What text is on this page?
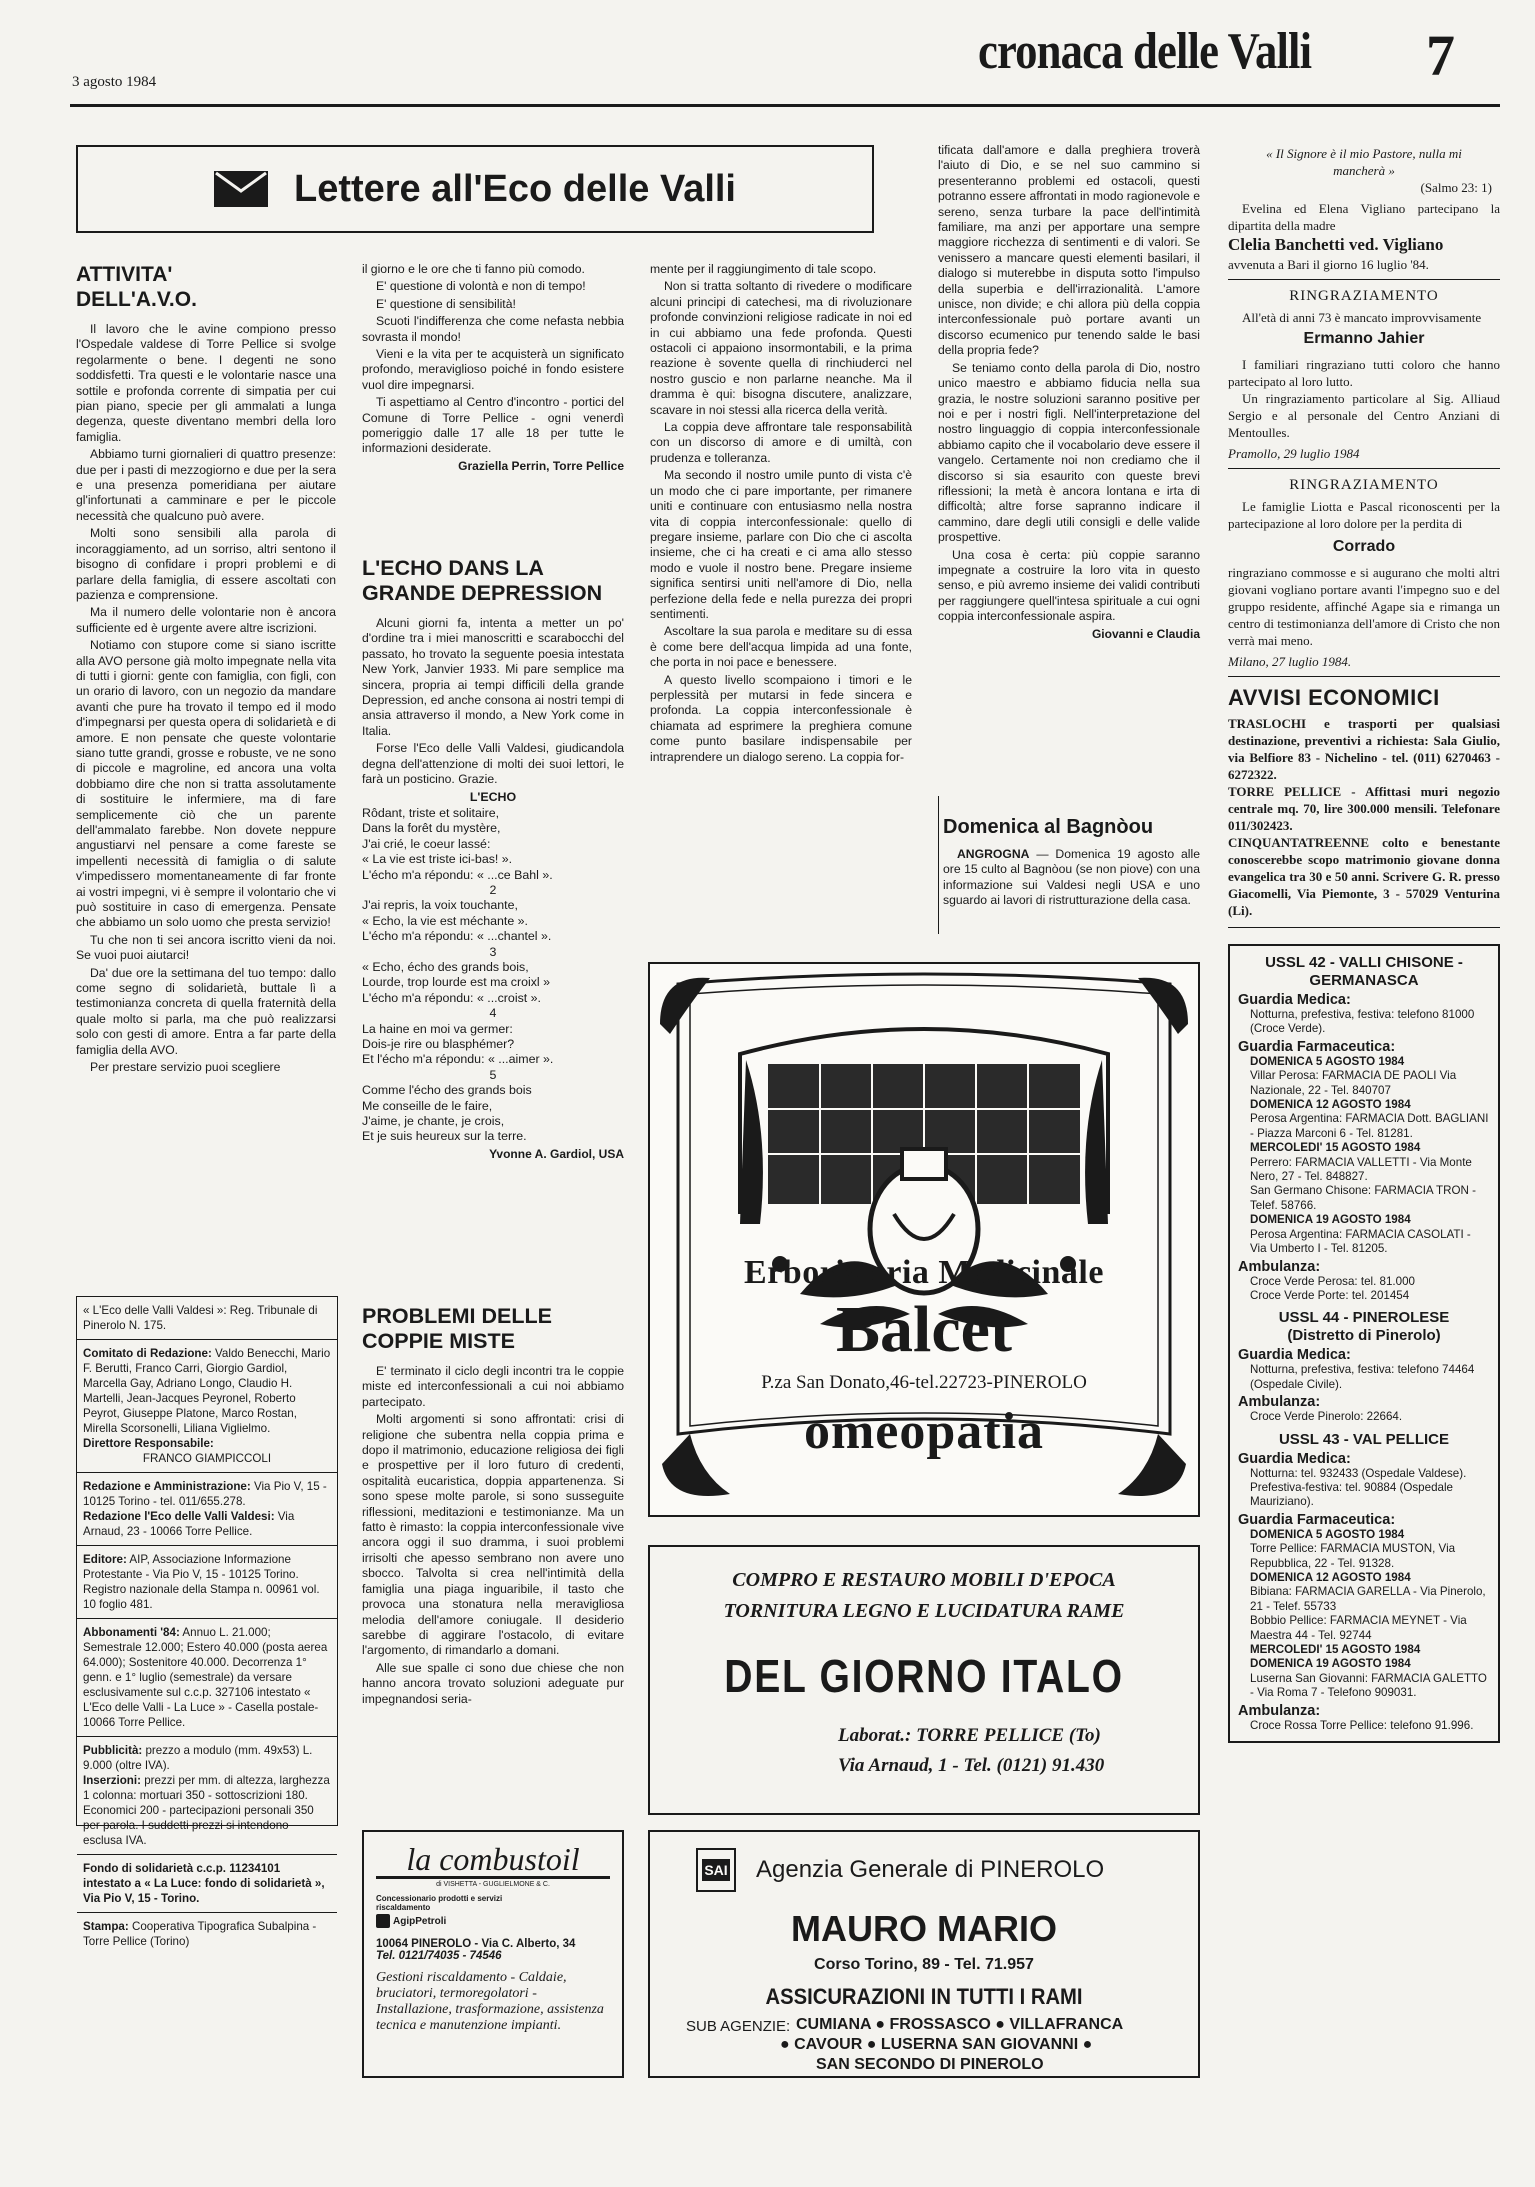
3 agosto 1984
cronaca delle Valli 7
Lettere all'Eco delle Valli
ATTIVITA'
DELL'A.V.O.

Il lavoro che le avine compiono presso l'Ospedale valdese di Torre Pellice si svolge regolarmente o bene. I degenti ne sono soddisfetti. Tra questi e le volontarie nasce una sottile e profonda corrente di simpatia per cui pian piano, specie per gli ammalati a lunga degenza, queste diventano membri della loro famiglia.

Abbiamo turni giornalieri di quattro presenze: due per i pasti di mezzogiorno e due per la sera e una presenza pomeridiana per aiutare gl'infortunati a camminare e per le piccole necessità che qualcuno può avere.

Molti sono sensibili alla parola di incoraggiamento, ad un sorriso, altri sentono il bisogno di confidare i propri problemi e di parlare della famiglia, di essere ascoltati con pazienza e comprensione.

Ma il numero delle volontarie non è ancora sufficiente ed è urgente avere altre iscrizioni.

Notiamo con stupore come si siano iscritte alla AVO persone già molto impegnate nella vita di tutti i giorni: gente con famiglia, con figli, con un orario di lavoro, con un negozio da mandare avanti che pure ha trovato il tempo ed il modo d'impegnarsi per questa opera di solidarietà e di amore. E non pensate che queste volontarie siano tutte grandi, grosse e robuste, ve ne sono di piccole e magroline, ed ancora una volta dobbiamo dire che non si tratta assolutamente di sostituire le infermiere, ma di fare semplicemente ciò che un parente dell'ammalato farebbe. Non dovete neppure angustiarvi nel pensare a come fareste se impellenti necessità di famiglia o di salute v'impedissero momentaneamente di far fronte ai vostri impegni, vi è sempre il volontario che vi può sostituire in caso di emergenza. Pensate che abbiamo un solo uomo che presta servizio!

Tu che non ti sei ancora iscritto vieni da noi. Se vuoi puoi aiutarci!

Da' due ore la settimana del tuo tempo: dallo come segno di solidarietà, buttale lì a testimonianza concreta di quella fraternità della quale molto si parla, ma che può realizzarsi solo con gesti di amore. Entra a far parte della famiglia della AVO.

Per prestare servizio puoi scegliere

« L'Eco delle Valli Valdesi »: Reg. Tribunale di Pinerolo N. 175.

Comitato di Redazione: Valdo Benecchi, Mario F. Berutti, Franco Carri, Giorgio Gardiol, Marcella Gay, Adriano Longo, Claudio H. Martelli, Jean-Jacques Peyronel, Roberto Peyrot, Giuseppe Platone, Marco Rostan, Mirella Scorsonelli, Liliana Viglielmo.

Direttore Responsabile:

FRANCO GIAMPICCOLI

Redazione e Amministrazione: Via Pio V, 15 - 10125 Torino - tel. 011/655.278.

Redazione l'Eco delle Valli Valdesi: Via Arnaud, 23 - 10066 Torre Pellice.

Editore: AIP, Associazione Informazione Protestante - Via Pio V, 15 - 10125 Torino.

Registro nazionale della Stampa n. 00961 vol. 10 foglio 481.

Abbonamenti '84: Annuo L. 21.000; Semestrale 12.000; Estero 40.000 (posta aerea 64.000); Sostenitore 40.000. Decorrenza 1° genn. e 1° luglio (semestrale) da versare esclusivamente sul c.c.p. 327106 intestato « L'Eco delle Valli - La Luce » - Casella postale- 10066 Torre Pellice.

Pubblicità: prezzo a modulo (mm. 49x53) L. 9.000 (oltre IVA).

Inserzioni: prezzi per mm. di altezza, larghezza 1 colonna: mortuari 350 - sottoscrizioni 180.

Economici 200 - partecipazioni personali 350 per parola. I suddetti prezzi si intendono esclusa IVA.

Fondo di solidarietà c.c.p. 11234101 intestato a « La Luce: fondo di solidarietà », Via Pio V, 15 - Torino.

Stampa: Cooperativa Tipografica Subalpina - Torre Pellice (Torino)

il giorno e le ore che ti fanno più comodo.

E' questione di volontà e non di tempo!

E' questione di sensibilità!

Scuoti l'indifferenza che come nefasta nebbia sovrasta il mondo!

Vieni e la vita per te acquisterà un significato profondo, meraviglioso poiché in fondo esistere vuol dire impegnarsi.

Ti aspettiamo al Centro d'incontro - portici del Comune di Torre Pellice - ogni venerdì pomeriggio dalle 17 alle 18 per tutte le informazioni desiderate.

Graziella Perrin, Torre Pellice
L'ECHO DANS LA GRANDE DEPRESSION

Alcuni giorni fa, intenta a metter un po' d'ordine tra i miei manoscritti e scarabocchi del passato, ho trovato la seguente poesia intestata New York, Janvier 1933. Mi pare semplice ma sincera, propria ai tempi difficili della grande Depression, ed anche consona ai nostri tempi di ansia attraverso il mondo, a New York come in Italia.

Forse l'Eco delle Valli Valdesi, giudicandola degna dell'attenzione di molti dei suoi lettori, le farà un posticino. Grazie.

L'ECHO
Rôdant, triste et solitaire,
Dans la forêt du mystère,
J'ai crié, le coeur lassé:
« La vie est triste ici-bas! ».
L'écho m'a répondu: « ...ce Bahl ».
2
J'ai repris, la voix touchante,
« Echo, la vie est méchante ».
L'écho m'a répondu: « ...chantel ».
3
« Echo, écho des grands bois,
Lourde, trop lourde est ma croixl »
L'écho m'a répondu: « ...croist ».
4
La haine en moi va germer:
Dois-je rire ou blasphémer?
Et l'écho m'a répondu: « ...aimer ».
5
Comme l'écho des grands bois
Me conseille de le faire,
J'aime, je chante, je crois,
Et je suis heureux sur la terre.
Yvonne A. Gardiol, USA
PROBLEMI DELLE COPPIE MISTE

E' terminato il ciclo degli incontri tra le coppie miste ed interconfessionali a cui noi abbiamo partecipato.

Molti argomenti si sono affrontati: crisi di religione che subentra nella coppia prima e dopo il matrimonio, educazione religiosa dei figli e prospettive per il loro futuro di credenti, ospitalità eucaristica, doppia appartenenza. Si sono spese molte parole, si sono susseguite riflessioni, meditazioni e testimonianze. Ma un fatto è rimasto: la coppia interconfessionale vive ancora oggi il suo dramma, i suoi problemi irrisolti che apesso sembrano non avere uno sbocco. Talvolta si crea nell'intimità della famiglia una piaga inguaribile, il tasto che provoca una stonatura nella meravigliosa melodia dell'amore coniugale. Il desiderio sarebbe di aggirare l'ostacolo, di evitare l'argomento, di rimandarlo a domani.

Alle sue spalle ci sono due chiese che non hanno ancora trovato soluzioni adeguate pur impegnandosi seria-

mente per il raggiungimento di tale scopo.

Non si tratta soltanto di rivedere o modificare alcuni principi di catechesi, ma di rivoluzionare profonde convinzioni religiose radicate in noi ed in cui abbiamo una fede profonda. Questi ostacoli ci appaiono insormontabili, e la prima reazione è sovente quella di rinchiuderci nel nostro guscio e non parlarne neanche. Ma il dramma è qui: bisogna discutere, analizzare, scavare in noi stessi alla ricerca della verità.

La coppia deve affrontare tale responsabilità con un discorso di amore e di umiltà, con prudenza e tolleranza.

Ma secondo il nostro umile punto di vista c'è un modo che ci pare importante, per rimanere uniti e continuare con entusiasmo nella nostra vita di coppia interconfessionale: quello di pregare insieme, parlare con Dio che ci ascolta insieme, che ci ha creati e ci ama allo stesso modo e vuole il nostro bene. Pregare insieme significa sentirsi uniti nell'amore di Dio, nella perfezione della fede e nella purezza dei propri sentimenti.

Ascoltare la sua parola e meditare su di essa è come bere dell'acqua limpida ad una fonte, che porta in noi pace e benessere.

A questo livello scompaiono i timori e le perplessità per mutarsi in fede sincera e profonda. La coppia interconfessionale è chiamata ad esprimere la preghiera comune come punto basilare indispensabile per intraprendere un dialogo sereno. La coppia for-

tificata dall'amore e dalla preghiera troverà l'aiuto di Dio, e se nel suo cammino si presenteranno problemi ed ostacoli, questi potranno essere affrontati in modo ragionevole e sereno, senza turbare la pace dell'intimità familiare, ma anzi per apportare una sempre maggiore ricchezza di sentimenti e di valori. Se venissero a mancare questi elementi basilari, il dialogo si muterebbe in disputa sotto l'impulso della superbia e dell'irrazionalità. L'amore unisce, non divide; e chi allora più della coppia interconfessionale può portare avanti un discorso ecumenico pur tenendo salde le basi della propria fede?

Se teniamo conto della parola di Dio, nostro unico maestro e abbiamo fiducia nella sua grazia, le nostre soluzioni saranno positive per noi e per i nostri figli. Nell'interpretazione del nostro linguaggio di coppia interconfessionale abbiamo capito che il vocabolario deve essere il vangelo. Certamente noi non crediamo che il discorso si sia esaurito con queste brevi riflessioni; la metà è ancora lontana e irta di difficoltà; altre forse sapranno indicare il cammino, dare degli utili consigli e delle valide prospettive.

Una cosa è certa: più coppie saranno impegnate a costruire la loro vita in questo senso, e più avremo insieme dei validi contributi per raggiungere quell'intesa spirituale a cui ogni coppia interconfessionale aspira.

Giovanni e Claudia
Domenica al Bagnòou

ANGROGNA — Domenica 19 agosto alle ore 15 culto al Bagnòou (se non piove) con una informazione sui Valdesi negli USA e uno sguardo ai lavori di ristrutturazione della casa.

Erboristeria Medicinale
Balcet
P.za San Donato,46-tel.22723-PINEROLO
omeopatia
COMPRO E RESTAURO MOBILI D'EPOCA
TORNITURA LEGNO E LUCIDATURA RAME
DEL GIORNO ITALO
Laborat.: TORRE PELLICE (To)
Via Arnaud, 1 - Tel. (0121) 91.430
la combustoil
di VISHETTA - GUGLIELMONE & C.
Concessionario prodotti e servizi riscaldamento
AgipPetroli
10064 PINEROLO - Via C. Alberto, 34
Tel. 0121/74035 - 74546
Gestioni riscaldamento - Caldaie, bruciatori, termoregolatori - Installazione, trasformazione, assistenza tecnica e manutenzione impianti.
SAI Agenzia Generale di PINEROLO
MAURO MARIO
Corso Torino, 89 - Tel. 71.957
ASSICURAZIONI IN TUTTI I RAMI
SUB AGENZIE: CUMIANA ● FROSSASCO ● VILLAFRANCA
● CAVOUR ● LUSERNA SAN GIOVANNI ●
SAN SECONDO DI PINEROLO
« Il Signore è il mio Pastore, nulla mi mancherà »
(Salmo 23: 1)
Evelina ed Elena Vigliano partecipano la dipartita della madre
Clelia Banchetti ved. Vigliano
avvenuta a Bari il giorno 16 luglio '84.
RINGRAZIAMENTO
All'età di anni 73 è mancato improvvisamente
Ermanno Jahier
I familiari ringraziano tutti coloro che hanno partecipato al loro lutto.
Un ringraziamento particolare al Sig. Alliaud Sergio e al personale del Centro Anziani di Mentoulles.
Pramollo, 29 luglio 1984
RINGRAZIAMENTO
Le famiglie Liotta e Pascal riconoscenti per la partecipazione al loro dolore per la perdita di
Corrado
ringraziano commosse e si augurano che molti altri giovani vogliano portare avanti l'impegno suo e del gruppo residente, affinché Agape sia e rimanga un centro di testimonianza dell'amore di Cristo che non verrà mai meno.
Milano, 27 luglio 1984.
AVVISI ECONOMICI
TRASLOCHI e trasporti per qualsiasi destinazione, preventivi a richiesta: Sala Giulio, via Belfiore 83 - Nichelino - tel. (011) 6270463 - 6272322.
TORRE PELLICE - Affittasi muri negozio centrale mq. 70, lire 300.000 mensili. Telefonare 011/302423.
CINQUANTATREENNE colto e benestante conoscerebbe scopo matrimonio giovane donna evangelica tra 30 e 50 anni. Scrivere G. R. presso Giacomelli, Via Piemonte, 3 - 57029 Venturina (Li).
USSL 42 - VALLI CHISONE - GERMANASCA
Guardia Medica:

Notturna, prefestiva, festiva: telefono 81000 (Croce Verde).

Guardia Farmaceutica:

DOMENICA 5 AGOSTO 1984

Villar Perosa: FARMACIA DE PAOLI Via Nazionale, 22 - Tel. 840707

DOMENICA 12 AGOSTO 1984

Perosa Argentina: FARMACIA Dott. BAGLIANI - Piazza Marconi 6 - Tel. 81281.

MERCOLEDI' 15 AGOSTO 1984

Perrero: FARMACIA VALLETTI - Via Monte Nero, 27 - Tel. 848827.

San Germano Chisone: FARMACIA TRON - Telef. 58766.

DOMENICA 19 AGOSTO 1984

Perosa Argentina: FARMACIA CASOLATI - Via Umberto I - Tel. 81205.

Ambulanza:

Croce Verde Perosa: tel. 81.000

Croce Verde Porte: tel. 201454

USSL 44 - PINEROLESE
(Distretto di Pinerolo)
Guardia Medica:

Notturna, prefestiva, festiva: telefono 74464 (Ospedale Civile).

Ambulanza:

Croce Verde Pinerolo: 22664.

USSL 43 - VAL PELLICE
Guardia Medica:

Notturna: tel. 932433 (Ospedale Valdese).

Prefestiva-festiva: tel. 90884 (Ospedale Mauriziano).

Guardia Farmaceutica:

DOMENICA 5 AGOSTO 1984

Torre Pellice: FARMACIA MUSTON, Via Repubblica, 22 - Tel. 91328.

DOMENICA 12 AGOSTO 1984

Bibiana: FARMACIA GARELLA - Via Pinerolo, 21 - Telef. 55733

Bobbio Pellice: FARMACIA MEYNET - Via Maestra 44 - Tel. 92744

MERCOLEDI' 15 AGOSTO 1984

DOMENICA 19 AGOSTO 1984

Luserna San Giovanni: FARMACIA GALETTO - Via Roma 7 - Telefono 909031.

Ambulanza:

Croce Rossa Torre Pellice: telefono 91.996.
